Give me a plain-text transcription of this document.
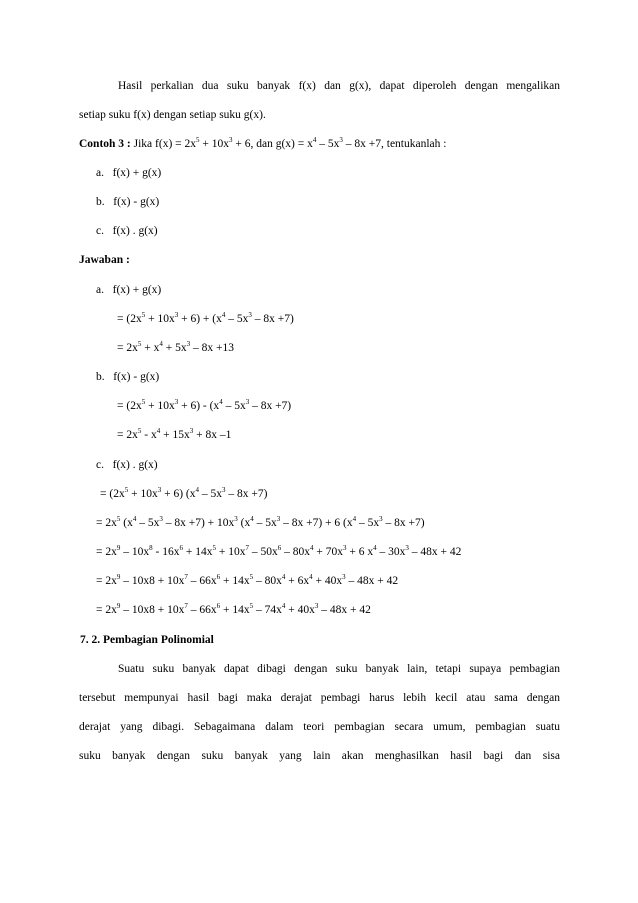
Hasil perkalian dua suku banyak f(x) dan g(x), dapat diperoleh dengan mengalikan
setiap suku f(x) dengan setiap suku g(x).
Contoh 3 : Jika $f(x) = 2x^5 + 10x^3 + 6$, dan $g(x) = x^4 - 5x^3 - 8x +7$, tentukanlah :
a. f(x) + g(x)
b. f(x) - g(x)
c. f(x) . g(x)
Jawaban :
a. f(x) + g(x)
= $(2x^5 + 10x^3 + 6) + (x^4 - 5x^3 - 8x +7)$
= $2x^5 + x^4 + 5x^3 - 8x +13$
b. f(x) - g(x)
= $(2x^5 + 10x^3 + 6) - (x^4 - 5x^3 - 8x +7)$
= $2x^5 - x^4 + 15x^3 + 8x$ –1
c. f(x) . g(x)
= $(2x^5 + 10x^3 + 6)$ $(x^4 - 5x^3 - 8x +7)$
= $2x^5$ $(x^4 - 5x^3 - 8x +7) + 10x^3$ $(x^4 - 5x^3 - 8x +7) + 6$ $(x^4 - 5x^3 - 8x +7)$
= $2x^9 - 10x^8 - 16x^6 + 14x^5 + 10x^7 - 50x^6 - 80x^4 + 70x^3 + 6$ $x^4 - 30x^3 - 48x + 42$
= $2x^9 - 10x8 + 10x^7 - 66x^6 + 14x^5 - 80x^4 + 6x^4 + 40x^3 - 48x + 42$
= $2x^9 - 10x8 + 10x^7 - 66x^6 + 14x^5 - 74x^4 + 40x^3 - 48x + 42$
7. 2. Pembagian Polinomial
Suatu suku banyak dapat dibagi dengan suku banyak lain, tetapi supaya pembagian
tersebut mempunyai hasil bagi maka derajat pembagi harus lebih kecil atau sama dengan
derajat yang dibagi. Sebagaimana dalam teori pembagian secara umum, pembagian suatu
suku banyak dengan suku banyak yang lain akan menghasilkan hasil bagi dan sisa
